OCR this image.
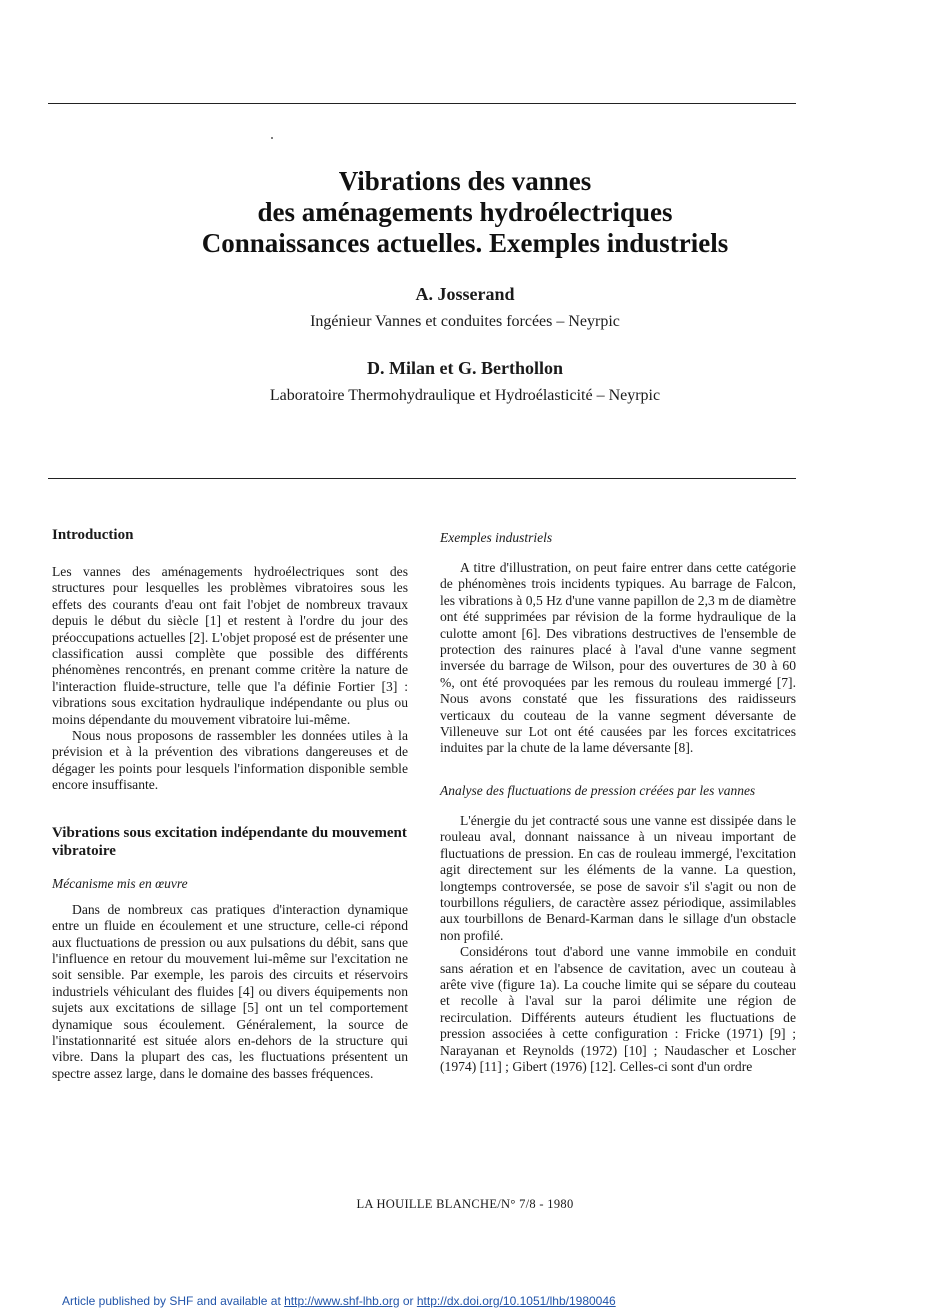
Vibrations des vannes
des aménagements hydroélectriques
Connaissances actuelles. Exemples industriels
A. Josserand
Ingénieur Vannes et conduites forcées – Neyrpic
D. Milan et G. Berthollon
Laboratoire Thermohydraulique et Hydroélasticité – Neyrpic

Introduction

Les vannes des aménagements hydroélectriques sont des structures pour lesquelles les problèmes vibratoires sous les effets des courants d'eau ont fait l'objet de nombreux travaux depuis le début du siècle [1] et restent à l'ordre du jour des préoccupations actuelles [2]. L'objet proposé est de présenter une classification aussi complète que possible des différents phénomènes rencontrés, en prenant comme critère la nature de l'interaction fluide-structure, telle que l'a définie Fortier [3] : vibrations sous excitation hydraulique indépendante ou plus ou moins dépendante du mouvement vibratoire lui-même.

Nous nous proposons de rassembler les données utiles à la prévision et à la prévention des vibrations dangereuses et de dégager les points pour lesquels l'information disponible semble encore insuffisante.

Vibrations sous excitation indépendante du mouvement vibratoire

Mécanisme mis en œuvre

Dans de nombreux cas pratiques d'interaction dynamique entre un fluide en écoulement et une structure, celle-ci répond aux fluctuations de pression ou aux pulsations du débit, sans que l'influence en retour du mouvement lui-même sur l'excitation ne soit sensible. Par exemple, les parois des circuits et réservoirs industriels véhiculant des fluides [4] ou divers équipements non sujets aux excitations de sillage [5] ont un tel comportement dynamique sous écoulement. Généralement, la source de l'instationnarité est située alors en-dehors de la structure qui vibre. Dans la plupart des cas, les fluctuations présentent un spectre assez large, dans le domaine des basses fréquences.

Exemples industriels

A titre d'illustration, on peut faire entrer dans cette catégorie de phénomènes trois incidents typiques. Au barrage de Falcon, les vibrations à 0,5 Hz d'une vanne papillon de 2,3 m de diamètre ont été supprimées par révision de la forme hydraulique de la culotte amont [6]. Des vibrations destructives de l'ensemble de protection des rainures placé à l'aval d'une vanne segment inversée du barrage de Wilson, pour des ouvertures de 30 à 60 %, ont été provoquées par les remous du rouleau immergé [7]. Nous avons constaté que les fissurations des raidisseurs verticaux du couteau de la vanne segment déversante de Villeneuve sur Lot ont été causées par les forces excitatrices induites par la chute de la lame déversante [8].

Analyse des fluctuations de pression créées par les vannes

L'énergie du jet contracté sous une vanne est dissipée dans le rouleau aval, donnant naissance à un niveau important de fluctuations de pression. En cas de rouleau immergé, l'excitation agit directement sur les éléments de la vanne. La question, longtemps controversée, se pose de savoir s'il s'agit ou non de tourbillons réguliers, de caractère assez périodique, assimilables aux tourbillons de Benard-Karman dans le sillage d'un obstacle non profilé.

Considérons tout d'abord une vanne immobile en conduit sans aération et en l'absence de cavitation, avec un couteau à arête vive (figure 1a). La couche limite qui se sépare du couteau et recolle à l'aval sur la paroi délimite une région de recirculation. Différents auteurs étudient les fluctuations de pression associées à cette configuration : Fricke (1971) [9] ; Narayanan et Reynolds (1972) [10] ; Naudascher et Loscher (1974) [11] ; Gibert (1976) [12]. Celles-ci sont d'un ordre

LA HOUILLE BLANCHE/N° 7/8 - 1980
Article published by SHF and available at http://www.shf-lhb.org or http://dx.doi.org/10.1051/lhb/1980046
